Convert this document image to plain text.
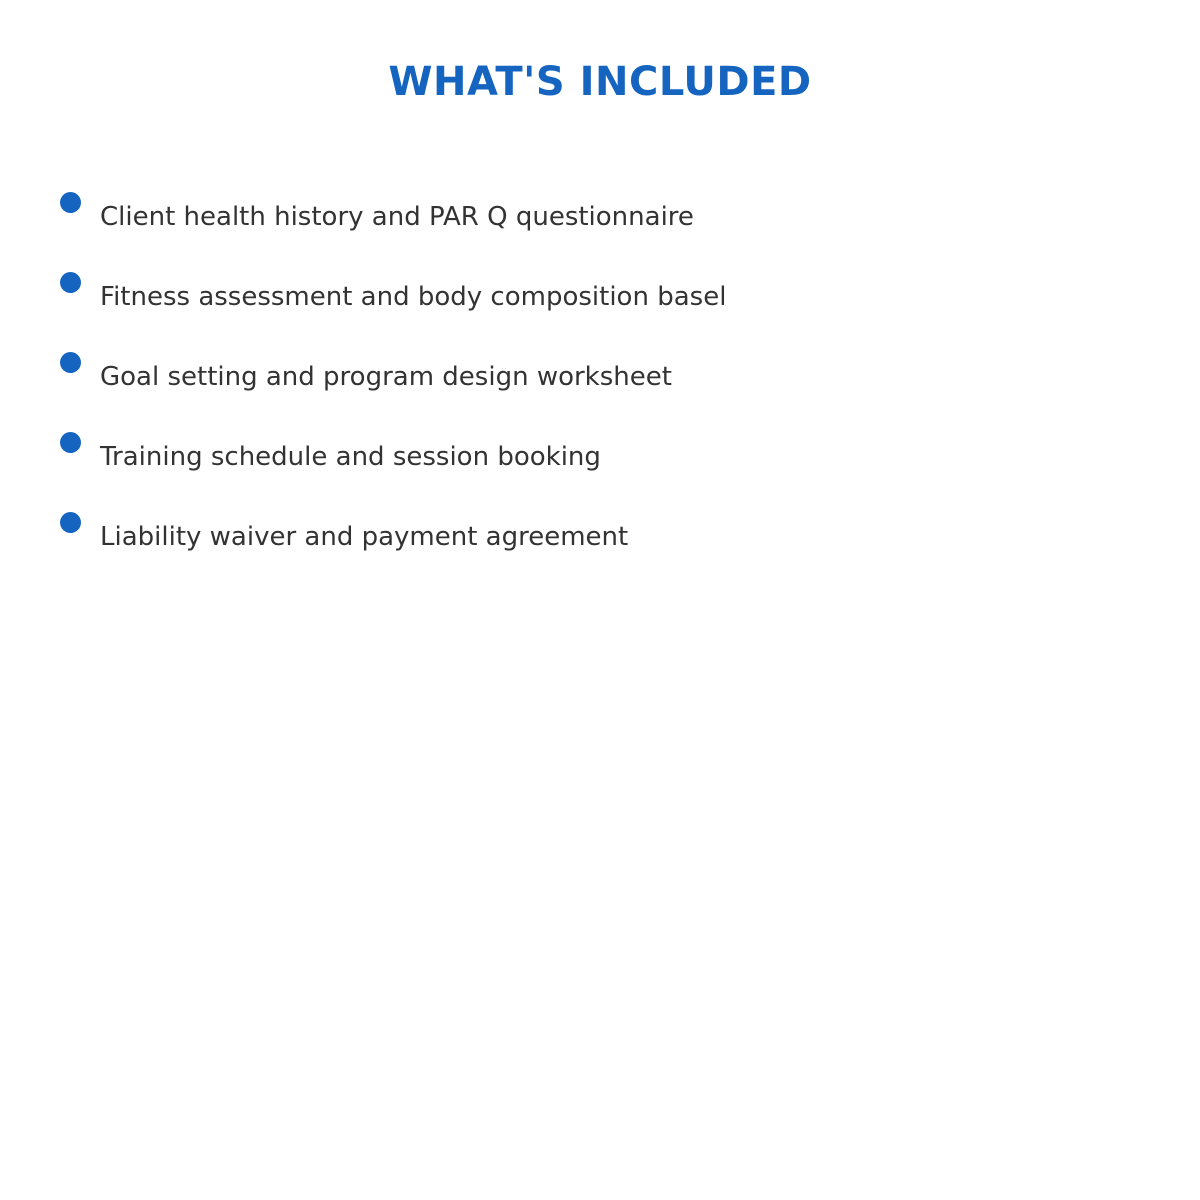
WHAT'S INCLUDED
Client health history and PAR Q questionnaire
Fitness assessment and body composition basel
Goal setting and program design worksheet
Training schedule and session booking
Liability waiver and payment agreement
